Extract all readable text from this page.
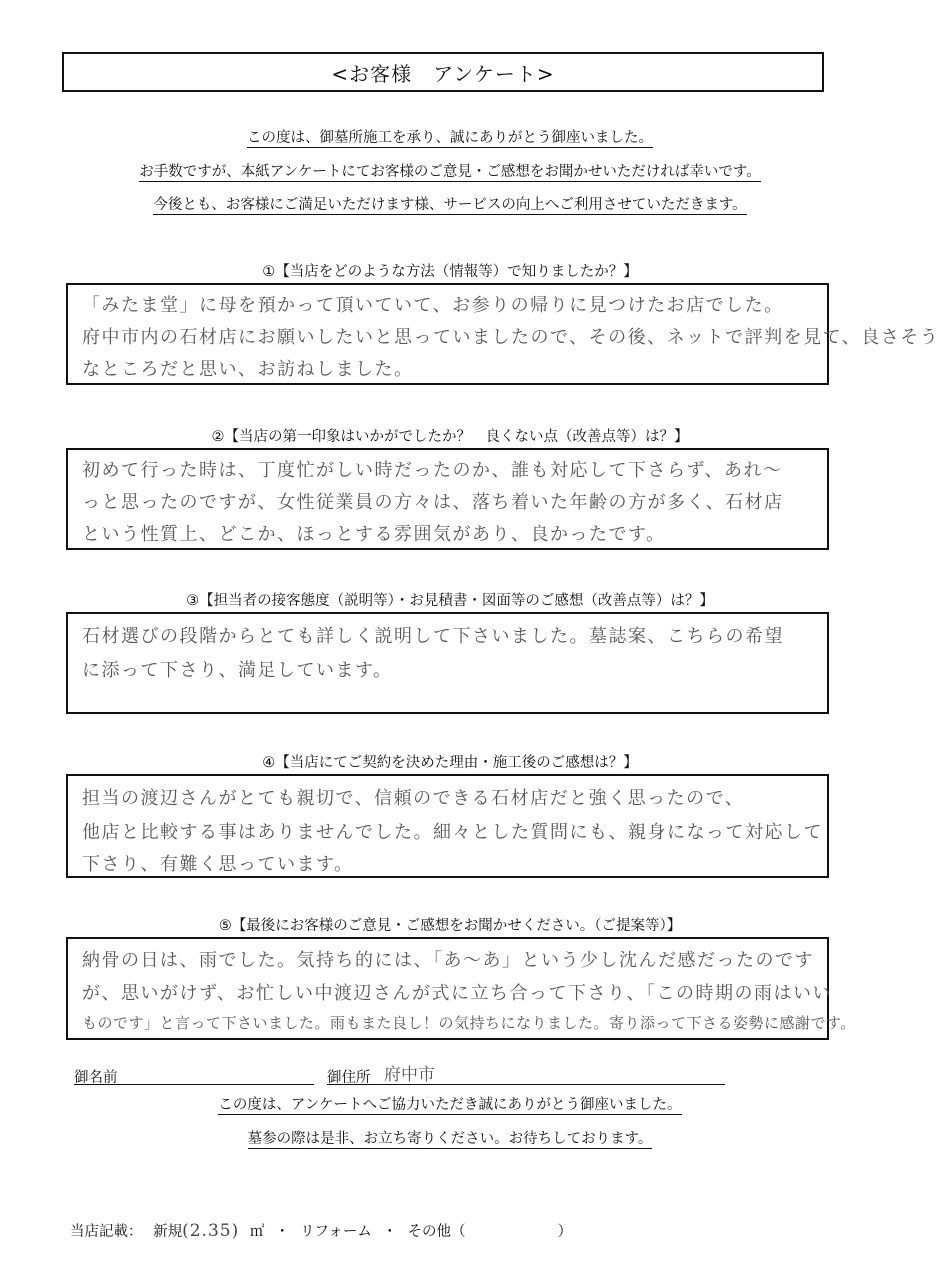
<お客様　アンケート>
この度は、御墓所施工を承り、誠にありがとう御座いました。
お手数ですが、本紙アンケートにてお客様のご意見・ご感想をお聞かせいただければ幸いです。
今後とも、お客様にご満足いただけます様、サービスの向上へご利用させていただきます。
①【当店をどのような方法（情報等）で知りましたか？】
「みたま堂」に母を預かって頂いていて、お参りの帰りに見つけたお店でした。
府中市内の石材店にお願いしたいと思っていましたので、その後、ネットで評判を見て、良さそう
なところだと思い、お訪ねしました。
②【当店の第一印象はいかがでしたか？　良くない点（改善点等）は？】
初めて行った時は、丁度忙がしい時だったのか、誰も対応して下さらず、あれ〜
っと思ったのですが、女性従業員の方々は、落ち着いた年齢の方が多く、石材店
という性質上、どこか、ほっとする雰囲気があり、良かったです。
③【担当者の接客態度（説明等）・お見積書・図面等のご感想（改善点等）は？】
石材選びの段階からとても詳しく説明して下さいました。墓誌案、こちらの希望
に添って下さり、満足しています。
④【当店にてご契約を決めた理由・施工後のご感想は？】
担当の渡辺さんがとても親切で、信頼のできる石材店だと強く思ったので、
他店と比較する事はありませんでした。細々とした質問にも、親身になって対応して
下さり、有難く思っています。
⑤【最後にお客様のご意見・ご感想をお聞かせください。（ご提案等）】
納骨の日は、雨でした。気持ち的には、「あ〜あ」という少し沈んだ感だったのです
が、思いがけず、お忙しい中渡辺さんが式に立ち合って下さり、「この時期の雨はいい
ものです」と言って下さいました。雨もまた良し！の気持ちになりました。寄り添って下さる姿勢に感謝です。
御名前	御住所 府中市
この度は、アンケートへご協力いただき誠にありがとう御座いました。
墓参の際は是非、お立ち寄りください。お待ちしております。
当店記載： 新規(2.35) ㎡ ・ リフォーム ・ その他（	）
